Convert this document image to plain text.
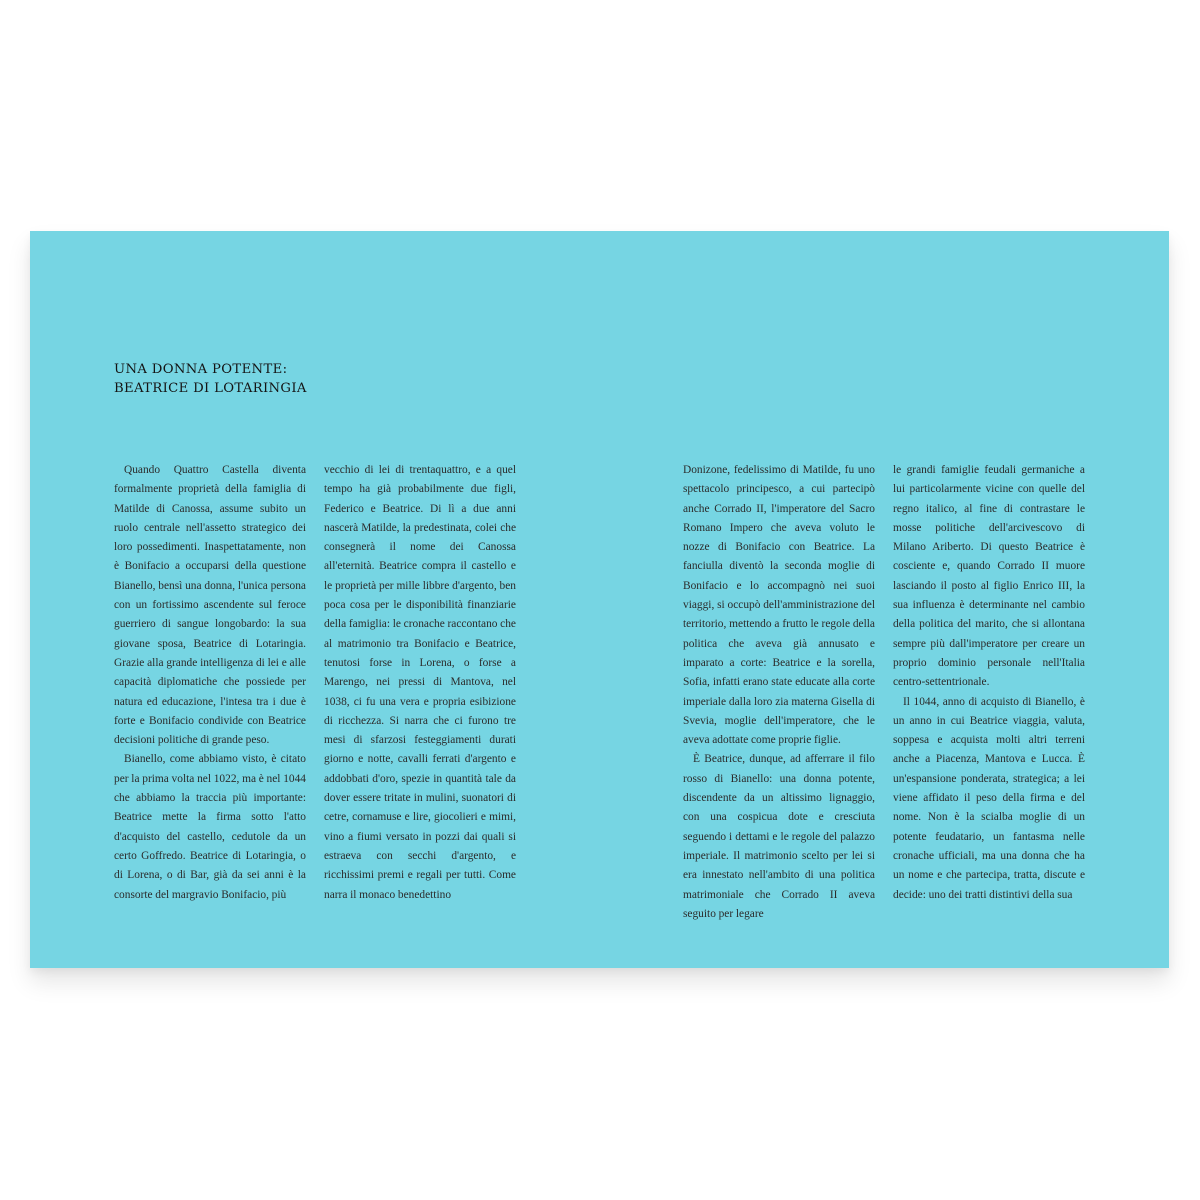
UNA DONNA POTENTE:
BEATRICE DI LOTARINGIA

Quando Quattro Castella diventa formalmente proprietà della famiglia di Matilde di Canossa, assume subito un ruolo centrale nell'assetto strategico dei loro possedimenti. Inaspettatamente, non è Bonifacio a occuparsi della questione Bianello, bensì una donna, l'unica persona con un fortissimo ascendente sul feroce guerriero di sangue longobardo: la sua giovane sposa, Beatrice di Lotaringia. Grazie alla grande intelligenza di lei e alle capacità diplomatiche che possiede per natura ed educazione, l'intesa tra i due è forte e Bonifacio condivide con Beatrice decisioni politiche di grande peso.

Bianello, come abbiamo visto, è citato per la prima volta nel 1022, ma è nel 1044 che abbiamo la traccia più importante: Beatrice mette la firma sotto l'atto d'acquisto del castello, cedutole da un certo Goffredo. Beatrice di Lotaringia, o di Lorena, o di Bar, già da sei anni è la consorte del margravio Bonifacio, più

vecchio di lei di trentaquattro, e a quel tempo ha già probabilmente due figli, Federico e Beatrice. Di lì a due anni nascerà Matilde, la predestinata, colei che consegnerà il nome dei Canossa all'eternità. Beatrice compra il castello e le proprietà per mille libbre d'argento, ben poca cosa per le disponibilità finanziarie della famiglia: le cronache raccontano che al matrimonio tra Bonifacio e Beatrice, tenutosi forse in Lorena, o forse a Marengo, nei pressi di Mantova, nel 1038, ci fu una vera e propria esibizione di ricchezza. Si narra che ci furono tre mesi di sfarzosi festeggiamenti durati giorno e notte, cavalli ferrati d'argento e addobbati d'oro, spezie in quantità tale da dover essere tritate in mulini, suonatori di cetre, cornamuse e lire, giocolieri e mimi, vino a fiumi versato in pozzi dai quali si estraeva con secchi d'argento, e ricchissimi premi e regali per tutti. Come narra il monaco benedettino

Donizone, fedelissimo di Matilde, fu uno spettacolo principesco, a cui partecipò anche Corrado II, l'imperatore del Sacro Romano Impero che aveva voluto le nozze di Bonifacio con Beatrice. La fanciulla diventò la seconda moglie di Bonifacio e lo accompagnò nei suoi viaggi, si occupò dell'amministrazione del territorio, mettendo a frutto le regole della politica che aveva già annusato e imparato a corte: Beatrice e la sorella, Sofia, infatti erano state educate alla corte imperiale dalla loro zia materna Gisella di Svevia, moglie dell'imperatore, che le aveva adottate come proprie figlie.

È Beatrice, dunque, ad afferrare il filo rosso di Bianello: una donna potente, discendente da un altissimo lignaggio, con una cospicua dote e cresciuta seguendo i dettami e le regole del palazzo imperiale. Il matrimonio scelto per lei si era innestato nell'ambito di una politica matrimoniale che Corrado II aveva seguito per legare

le grandi famiglie feudali germaniche a lui particolarmente vicine con quelle del regno italico, al fine di contrastare le mosse politiche dell'arcivescovo di Milano Ariberto. Di questo Beatrice è cosciente e, quando Corrado II muore lasciando il posto al figlio Enrico III, la sua influenza è determinante nel cambio della politica del marito, che si allontana sempre più dall'imperatore per creare un proprio dominio personale nell'Italia centro-settentrionale.

Il 1044, anno di acquisto di Bianello, è un anno in cui Beatrice viaggia, valuta, soppesa e acquista molti altri terreni anche a Piacenza, Mantova e Lucca. È un'espansione ponderata, strategica; a lei viene affidato il peso della firma e del nome. Non è la scialba moglie di un potente feudatario, un fantasma nelle cronache ufficiali, ma una donna che ha un nome e che partecipa, tratta, discute e decide: uno dei tratti distintivi della sua
